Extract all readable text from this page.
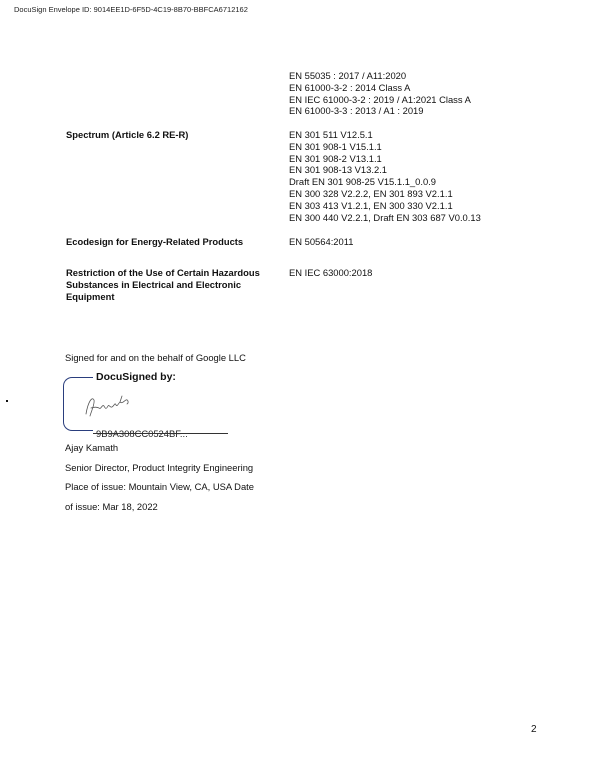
DocuSign Envelope ID: 9014EE1D-6F5D-4C19-8B70-BBFCA6712162
EN 55035 : 2017 / A11:2020
EN 61000-3-2 : 2014 Class A
EN IEC 61000-3-2 : 2019 / A1:2021 Class A
EN 61000-3-3 : 2013 / A1 : 2019
Spectrum (Article 6.2 RE-R)	EN 301 511 V12.5.1
EN 301 908-1 V15.1.1
EN 301 908-2 V13.1.1
EN 301 908-13 V13.2.1
Draft EN 301 908-25 V15.1.1_0.0.9
EN 300 328 V2.2.2, EN 301 893 V2.1.1
EN 303 413 V1.2.1, EN 300 330 V2.1.1
EN 300 440 V2.2.1, Draft EN 303 687 V0.0.13
Ecodesign for Energy-Related Products	EN 50564:2011
Restriction of the Use of Certain Hazardous
Substances in Electrical and Electronic
Equipment
EN IEC 63000:2018
Signed for and on the behalf of Google LLC
DocuSigned by:
9B9A308CC0524BF...
Ajay Kamath
Senior Director, Product Integrity Engineering
Place of issue: Mountain View, CA, USA Date
of issue: Mar 18, 2022
2
